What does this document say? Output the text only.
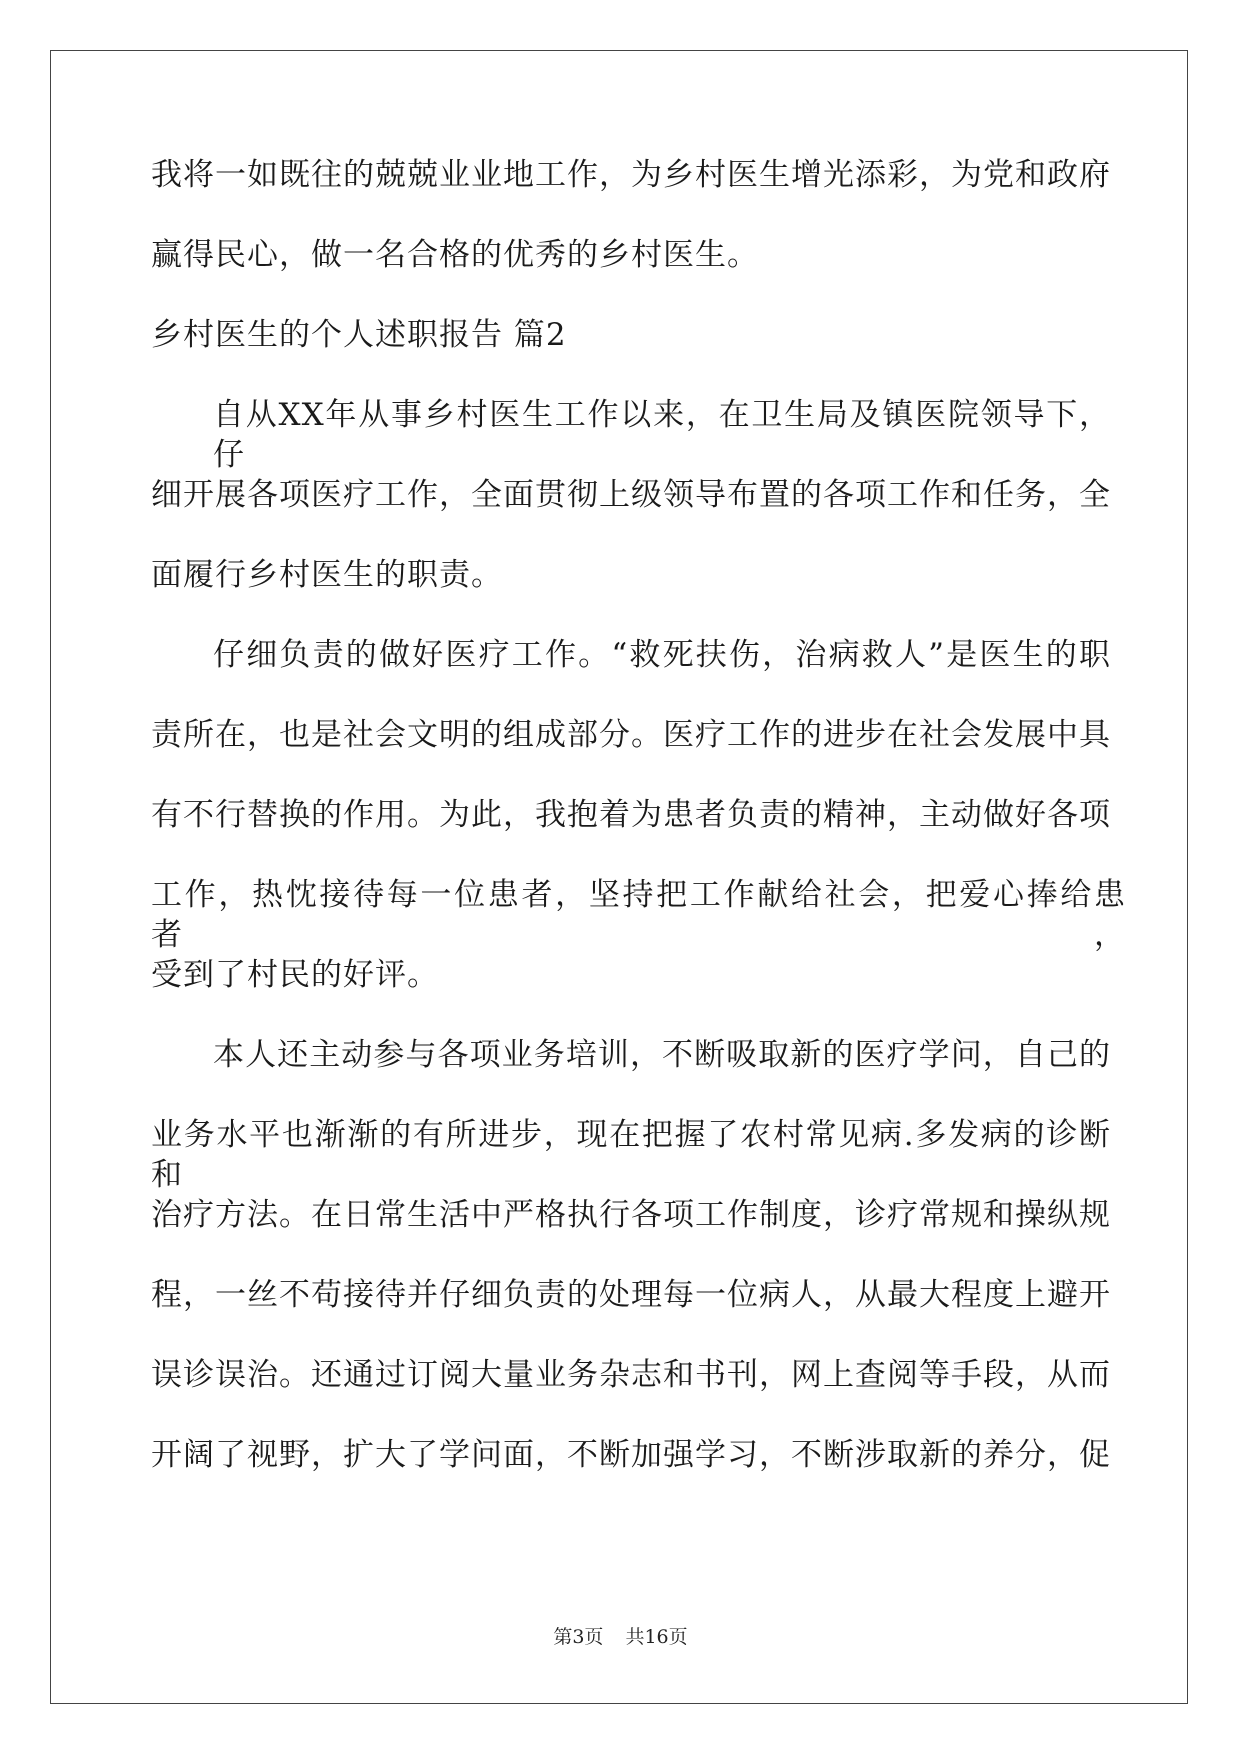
我将一如既往的兢兢业业地工作，为乡村医生增光添彩，为党和政府
赢得民心，做一名合格的优秀的乡村医生。
乡村医生的个人述职报告 篇2
自从XX年从事乡村医生工作以来，在卫生局及镇医院领导下，仔
细开展各项医疗工作，全面贯彻上级领导布置的各项工作和任务，全
面履行乡村医生的职责。
仔细负责的做好医疗工作。“救死扶伤，治病救人”是医生的职
责所在，也是社会文明的组成部分。医疗工作的进步在社会发展中具
有不行替换的作用。为此，我抱着为患者负责的精神，主动做好各项
工作，热忱接待每一位患者，坚持把工作献给社会，把爱心捧给患者，
受到了村民的好评。
本人还主动参与各项业务培训，不断吸取新的医疗学问，自己的
业务水平也渐渐的有所进步，现在把握了农村常见病.多发病的诊断和
治疗方法。在日常生活中严格执行各项工作制度，诊疗常规和操纵规
程，一丝不苟接待并仔细负责的处理每一位病人，从最大程度上避开
误诊误治。还通过订阅大量业务杂志和书刊，网上查阅等手段，从而
开阔了视野，扩大了学问面，不断加强学习，不断涉取新的养分，促
第3页 共16页
